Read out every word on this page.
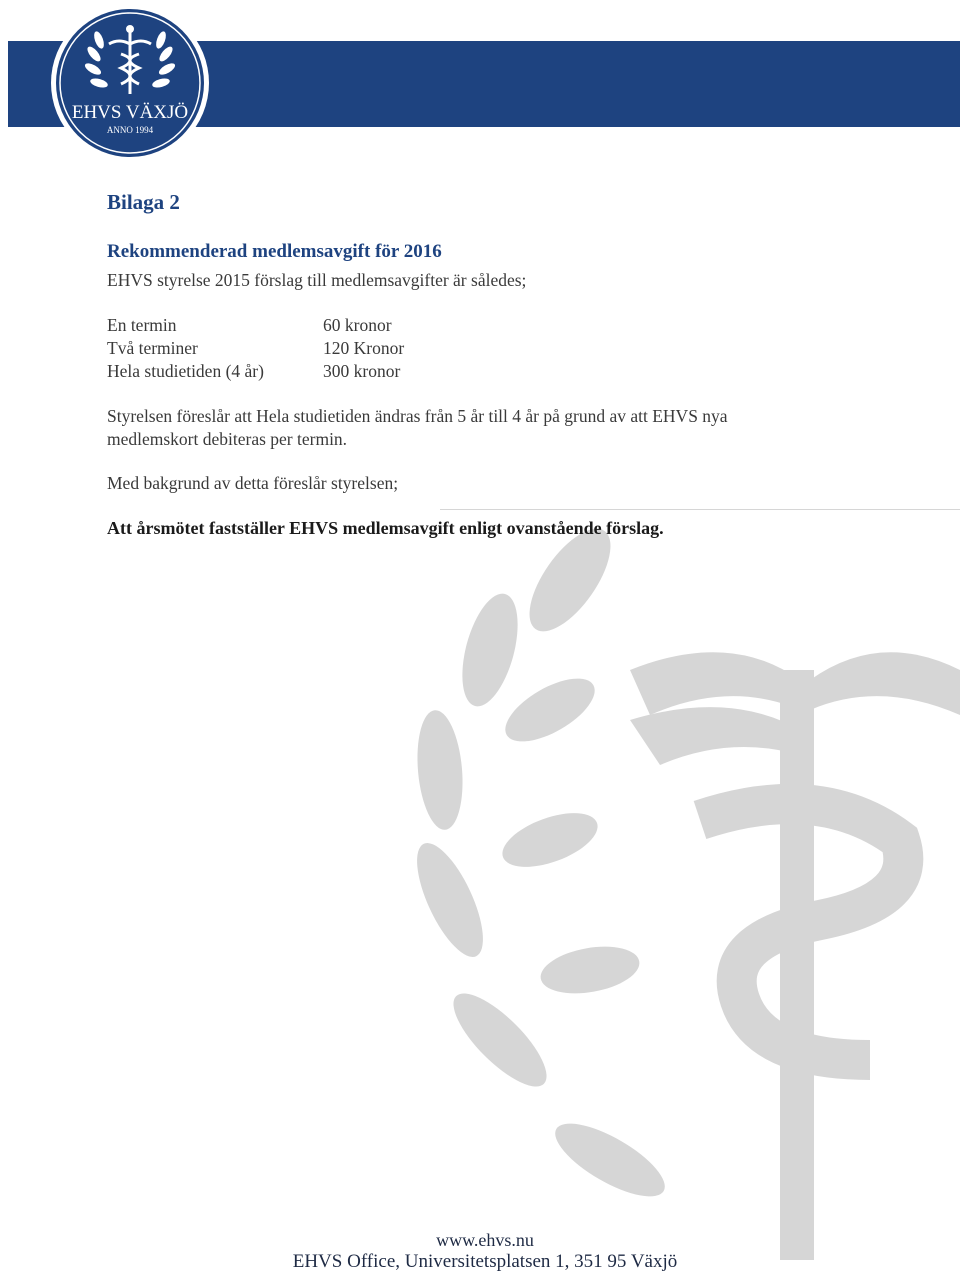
EHVS VÄXJÖ
ANNO 1994
Bilaga 2
Rekommenderad medlemsavgift för 2016
EHVS styrelse 2015 förslag till medlemsavgifter är således;
En termin	60 kronor
Två terminer	120 Kronor
Hela studietiden (4 år)	300 kronor
Styrelsen föreslår att Hela studietiden ändras från 5 år till 4 år på grund av att EHVS nya medlemskort debiteras per termin.
Med bakgrund av detta föreslår styrelsen;
Att årsmötet fastställer EHVS medlemsavgift enligt ovanstående förslag.
www.ehvs.nu
EHVS Office, Universitetsplatsen 1, 351 95 Växjö
